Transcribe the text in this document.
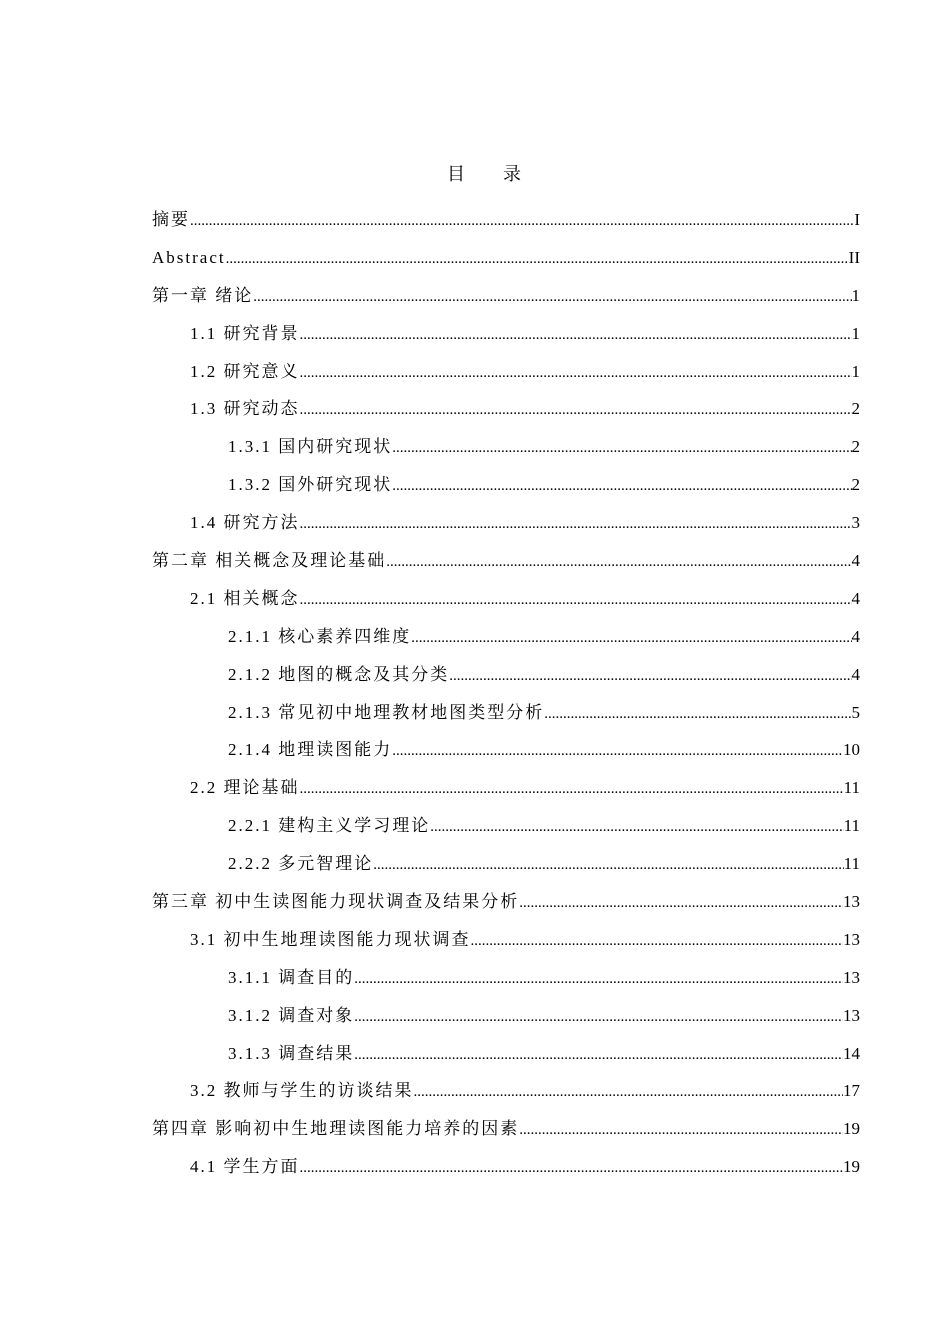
目 录
摘要 .....	I
Abstract .....	II
第一章 绪论 .....	1
1.1 研究背景 .....	1
1.2 研究意义 .....	1
1.3 研究动态 .....	2
1.3.1 国内研究现状 .....	2
1.3.2 国外研究现状 .....	2
1.4 研究方法 .....	3
第二章 相关概念及理论基础 .....	4
2.1 相关概念 .....	4
2.1.1 核心素养四维度 .....	4
2.1.2 地图的概念及其分类 .....	4
2.1.3 常见初中地理教材地图类型分析 .....	5
2.1.4 地理读图能力 .....	10
2.2 理论基础 .....	11
2.2.1 建构主义学习理论 .....	11
2.2.2 多元智理论 .....	11
第三章 初中生读图能力现状调查及结果分析 .....	13
3.1 初中生地理读图能力现状调查 .....	13
3.1.1 调查目的 .....	13
3.1.2 调查对象 .....	13
3.1.3 调查结果 .....	14
3.2 教师与学生的访谈结果 .....	17
第四章 影响初中生地理读图能力培养的因素 .....	19
4.1 学生方面 .....	19
